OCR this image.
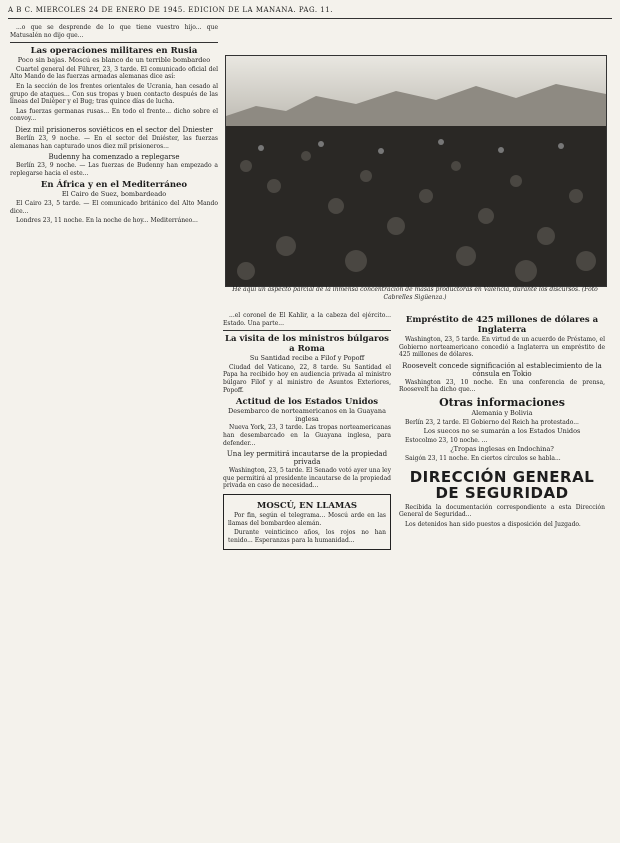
A B C. MIERCOLES 24 DE ENERO DE 1945. EDICION DE LA MAÑANA. PAG. 11.

...o que se desprende de lo que tiene vuestro hijo... que Matusalén no dijo que...

Las operaciones militares en Rusia
Poco sin bajas. Moscú es blanco de un terrible bombardeo

Cuartel general del Führer, 23, 3 tarde. El comunicado oficial del Alto Mando de las fuerzas armadas alemanas dice así:

En la sección de los frentes orientales de Ucrania, han cesado al grupo de ataques... Con sus tropas y buen contacto después de las líneas del Dniéper y el Bug; tras quince días de lucha.

Las fuerzas germanas rusas... En todo el frente... dicho sobre el convoy...

Diez mil prisioneros soviéticos en el sector del Dniester

Berlín 23, 9 noche. — En el sector del Dniéster, las fuerzas alemanas han capturado unos diez mil prisioneros...

Budenny ha comenzado a replegarse

Berlín 23, 9 noche. — Las fuerzas de Budenny han empezado a replegarse hacia el este...

En África y en el Mediterráneo
El Cairo de Suez, bombardeado

El Cairo 23, 5 tarde. — El comunicado británico del Alto Mando dice...

Londres 23, 11 noche. En la noche de hoy... Mediterráneo...

He aquí un aspecto parcial de la inmensa concentración de masas productoras en Valencia, durante los discursos. (Foto Cabrelles Sigüenza.)

...el coronel de El Kahlir, a la cabeza del ejército... Estado. Una parte...

La visita de los ministros búlgaros a Roma
Su Santidad recibe a Filof y Popoff

Ciudad del Vaticano, 22, 8 tarde. Su Santidad el Papa ha recibido hoy en audiencia privada al ministro búlgaro Filof y al ministro de Asuntos Exteriores, Popoff.

Actitud de los Estados Unidos
Desembarco de norteamericanos en la Guayana inglesa

Nueva York, 23, 3 tarde. Las tropas norteamericanas han desembarcado en la Guayana inglesa, para defender...

Una ley permitirá incautarse de la propiedad privada

Washington, 23, 5 tarde. El Senado votó ayer una ley que permitirá al presidente incautarse de la propiedad privada en caso de necesidad...

MOSCÚ, EN LLAMAS

Por fin, según el telegrama... Moscú arde en las llamas del bombardeo alemán.

Durante veinticinco años, los rojos no han tenido... Esperanzas para la humanidad...

Empréstito de 425 millones de dólares a Inglaterra

Washington, 23, 5 tarde. En virtud de un acuerdo de Préstamo, el Gobierno norteamericano concedió a Inglaterra un empréstito de 425 millones de dólares.

Roosevelt concede significación al establecimiento de la cónsula en Tokio

Washington 23, 10 noche. En una conferencia de prensa, Roosevelt ha dicho que...

Otras informaciones
Alemania y Bolivia

Berlín 23, 2 tarde. El Gobierno del Reich ha protestado...

Los suecos no se sumarán a los Estados Unidos

Estocolmo 23, 10 noche. ...

¿Tropas inglesas en Indochina?

Saigón 23, 11 noche. En ciertos círculos se habla...

DIRECCIÓN GENERAL DE SEGURIDAD

Recibida la documentación correspondiente a esta Dirección General de Seguridad...

Los detenidos han sido puestos a disposición del Juzgado.
